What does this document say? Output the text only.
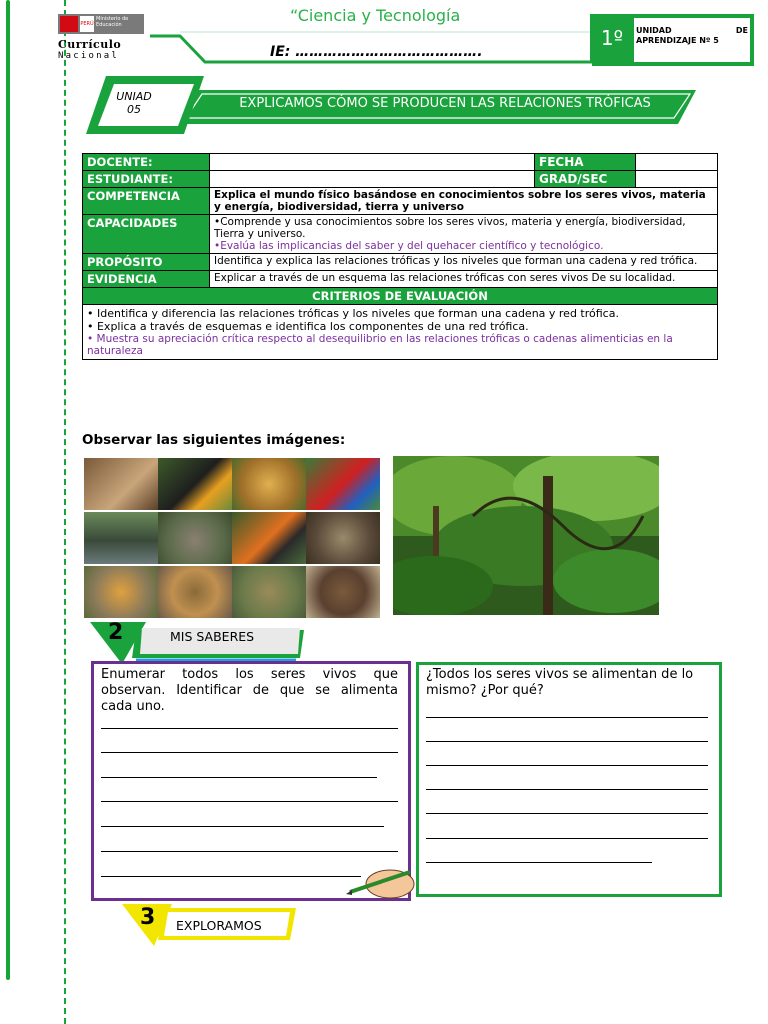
PERÚ
Ministerio de Educación
Currículo
Nacional
“Ciencia y Tecnología
IE: ………………………………….
1º	UNIDAD	DE
APRENDIZAJE Nº 5
UNIAD
05	EXPLICAMOS CÓMO SE PRODUCEN LAS RELACIONES TRÓFICAS
DOCENTE:		FECHA	
ESTUDIANTE:		GRAD/SEC	
COMPETENCIA	Explica el mundo físico basándose en conocimientos sobre los seres vivos, materia y energía, biodiversidad, tierra y universo		
CAPACIDADES	•Comprende y usa conocimientos sobre los seres vivos, materia y energía, biodiversidad, Tierra y universo.
•Evalúa las implicancias del saber y del quehacer científico y tecnológico.		

PROPÓSITO	Identifica y explica las relaciones tróficas y los niveles que forman una cadena y red trófica.		
EVIDENCIA	Explicar a través de un esquema las relaciones tróficas con seres vivos De su localidad.		
CRITERIOS DE EVALUACIÓN			

• Identifica y diferencia las relaciones tróficas y los niveles que forman una cadena y red trófica.
• Explica a través de esquemas e identifica los componentes de una red trófica.
• Muestra su apreciación crítica respecto al desequilibrio en las relaciones tróficas o cadenas alimenticias en la naturaleza			
Observar las siguientes imágenes:
2	MIS SABERES
Enumerar todos los seres vivos que observan. Identificar de que se alimenta cada uno.
¿Todos los seres vivos se alimentan de lo mismo? ¿Por qué?
3 EXPLORAMOS
